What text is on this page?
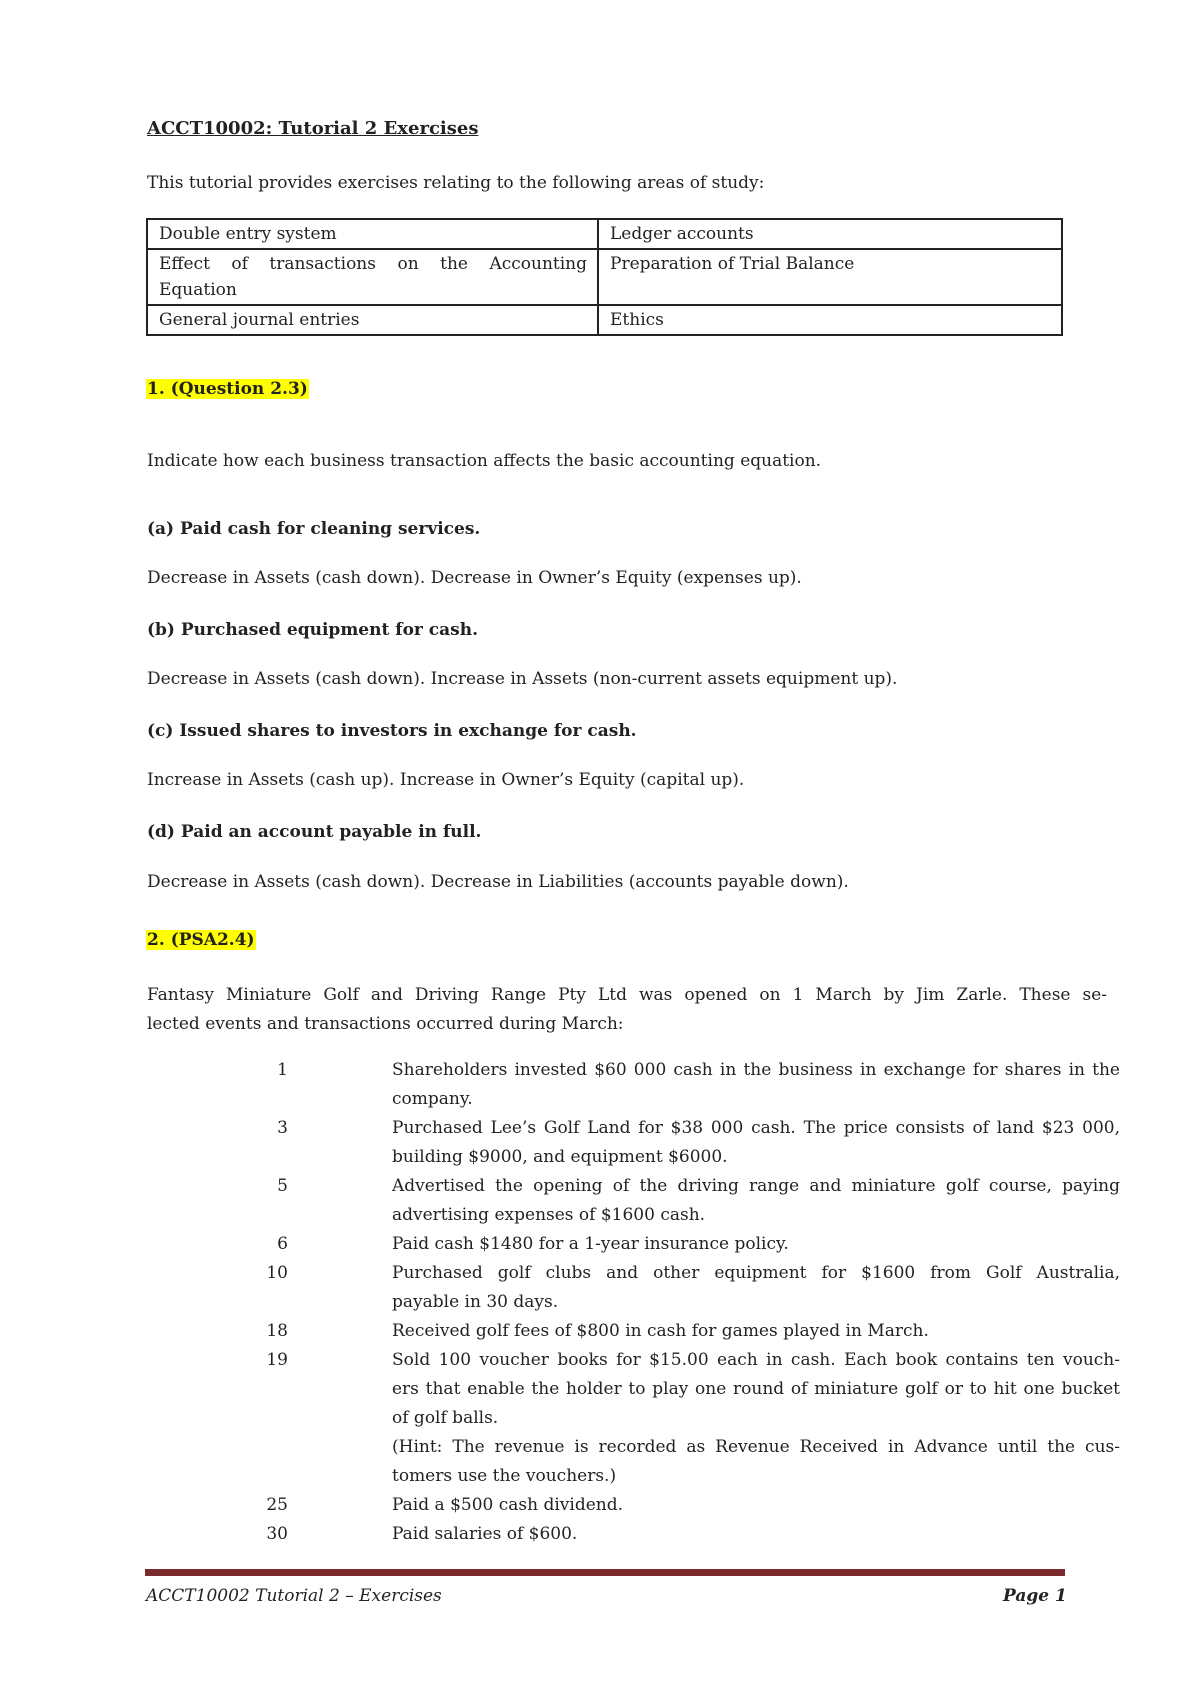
ACCT10002: Tutorial 2 Exercises
This tutorial provides exercises relating to the following areas of study:
Double entry system	Ledger accounts

Effect of transactions on the Accounting
Equation	Preparation of Trial Balance
General journal entries	Ethics
1. (Question 2.3)
Indicate how each business transaction affects the basic accounting equation.
(a) Paid cash for cleaning services.
Decrease in Assets (cash down). Decrease in Owner’s Equity (expenses up).
(b) Purchased equipment for cash.
Decrease in Assets (cash down). Increase in Assets (non-current assets equipment up).
(c) Issued shares to investors in exchange for cash.
Increase in Assets (cash up). Increase in Owner’s Equity (capital up).
(d) Paid an account payable in full.
Decrease in Assets (cash down). Decrease in Liabilities (accounts payable down).
2. (PSA2.4)
Fantasy Miniature Golf and Driving Range Pty Ltd was opened on 1 March by Jim Zarle. These se-
lected events and transactions occurred during March:
1	Shareholders invested $60 000 cash in the business in exchange for shares in the
company.
3	Purchased Lee’s Golf Land for $38 000 cash. The price consists of land $23 000,
building $9000, and equipment $6000.
5	Advertised the opening of the driving range and miniature golf course, paying
advertising expenses of $1600 cash.
6	Paid cash $1480 for a 1-year insurance policy.
10	Purchased golf clubs and other equipment for $1600 from Golf Australia,
payable in 30 days.
18	Received golf fees of $800 in cash for games played in March.
19	Sold 100 voucher books for $15.00 each in cash. Each book contains ten vouch-
ers that enable the holder to play one round of miniature golf or to hit one bucket
of golf balls.
(Hint: The revenue is recorded as Revenue Received in Advance until the cus-
tomers use the vouchers.)
25	Paid a $500 cash dividend.
30	Paid salaries of $600.
ACCT10002 Tutorial 2 – Exercises	Page 1
